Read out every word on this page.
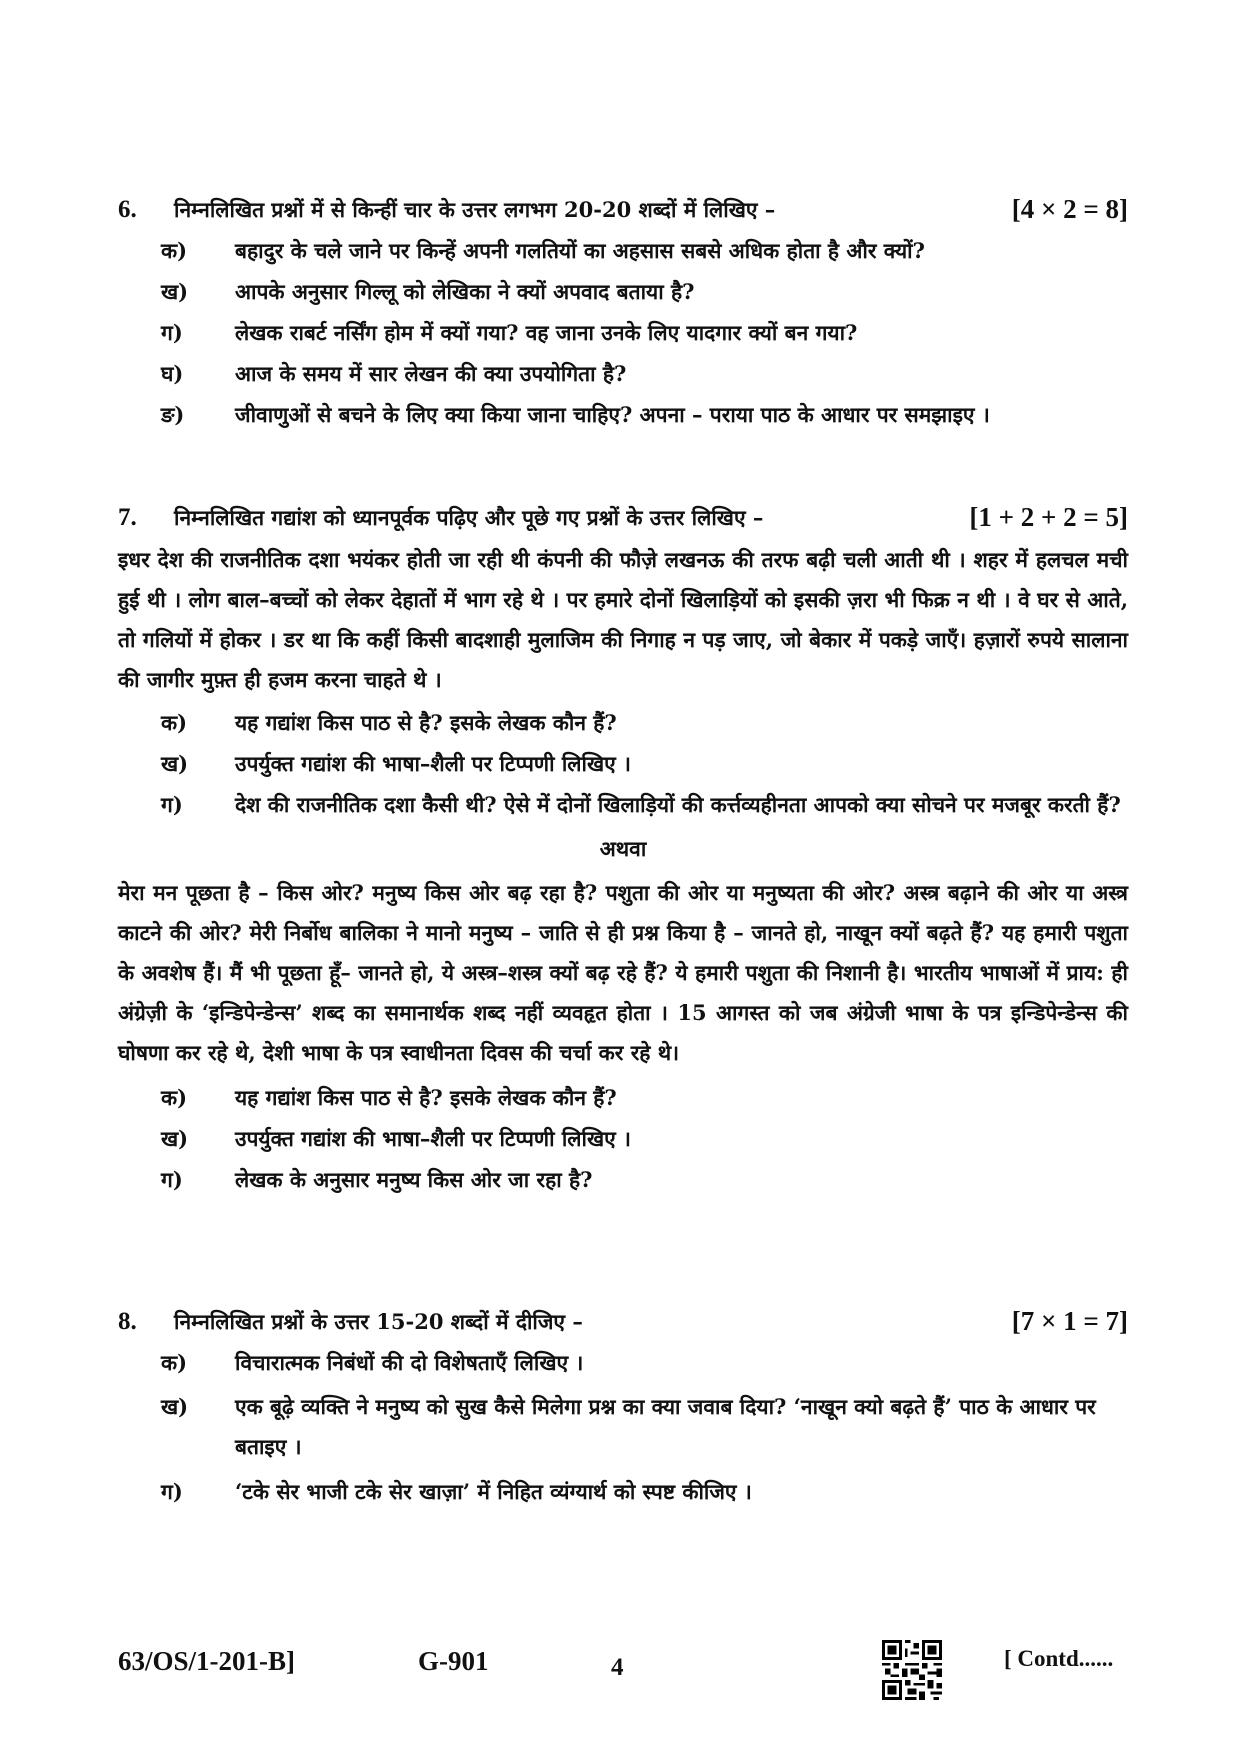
6. निम्नलिखित प्रश्नों में से किन्हीं चार के उत्तर लगभग 20-20 शब्दों में लिखिए –	[4 × 2 = 8]
क)	बहादुर के चले जाने पर किन्हें अपनी गलतियों का अहसास सबसे अधिक होता है और क्यों?
ख)	आपके अनुसार गिल्लू को लेखिका ने क्यों अपवाद बताया है?
ग)	लेखक राबर्ट नर्सिंग होम में क्यों गया? वह जाना उनके लिए यादगार क्यों बन गया?
घ)	आज के समय में सार लेखन की क्या उपयोगिता है?
ङ)	जीवाणुओं से बचने के लिए क्या किया जाना चाहिए? अपना – पराया पाठ के आधार पर समझाइए ।
7. निम्नलिखित गद्यांश को ध्यानपूर्वक पढ़िए और पूछे गए प्रश्नों के उत्तर लिखिए –	[1 + 2 + 2 = 5]
इधर देश की राजनीतिक दशा भयंकर होती जा रही थी कंपनी की फौज़े लखनऊ की तरफ बढ़ी चली आती थी । शहर में हलचल मची हुई थी । लोग बाल–बच्चों को लेकर देहातों में भाग रहे थे । पर हमारे दोनों खिलाड़ियों को इसकी ज़रा भी फिक्र न थी । वे घर से आते, तो गलियों में होकर । डर था कि कहीं किसी बादशाही मुलाजिम की निगाह न पड़ जाए, जो बेकार में पकड़े जाएँ। हज़ारों रुपये सालाना की जागीर मुफ़्त ही हजम करना चाहते थे ।
क)	यह गद्यांश किस पाठ से है? इसके लेखक कौन हैं?
ख)	उपर्युक्त गद्यांश की भाषा–शैली पर टिप्पणी लिखिए ।
ग)	देश की राजनीतिक दशा कैसी थी? ऐसे में दोनों खिलाड़ियों की कर्त्तव्यहीनता आपको क्या सोचने पर मजबूर करती हैं?
अथवा
मेरा मन पूछता है – किस ओर? मनुष्य किस ओर बढ़ रहा है? पशुता की ओर या मनुष्यता की ओर? अस्त्र बढ़ाने की ओर या अस्त्र काटने की ओर? मेरी निर्बोध बालिका ने मानो मनुष्य – जाति से ही प्रश्न किया है – जानते हो, नाखून क्यों बढ़ते हैं? यह हमारी पशुता के अवशेष हैं। मैं भी पूछता हूँ– जानते हो, ये अस्त्र–शस्त्र क्यों बढ़ रहे हैं? ये हमारी पशुता की निशानी है। भारतीय भाषाओं में प्राय: ही अंग्रेज़ी के ‘इन्डिपेन्डेन्स’ शब्द का समानार्थक शब्द नहीं व्यवहृत होता । 15 आगस्त को जब अंग्रेजी भाषा के पत्र इन्डिपेन्डेन्स की घोषणा कर रहे थे, देशी भाषा के पत्र स्वाधीनता दिवस की चर्चा कर रहे थे।
क)	यह गद्यांश किस पाठ से है? इसके लेखक कौन हैं?
ख)	उपर्युक्त गद्यांश की भाषा–शैली पर टिप्पणी लिखिए ।
ग)	लेखक के अनुसार मनुष्य किस ओर जा रहा है?
8. निम्नलिखित प्रश्नों के उत्तर 15-20 शब्दों में दीजिए –	[7 × 1 = 7]
क)	विचारात्मक निबंधों की दो विशेषताएँ लिखिए ।
ख)	एक बूढ़े व्यक्ति ने मनुष्य को सुख कैसे मिलेगा प्रश्न का क्या जवाब दिया? ‘नाखून क्यो बढ़ते हैं’ पाठ के आधार पर बताइए ।
ग)	‘टके सेर भाजी टके सेर खाज़ा’ में निहित व्यंग्यार्थ को स्पष्ट कीजिए ।
63/OS/1-201-B]	G-901	4	[ Contd......
